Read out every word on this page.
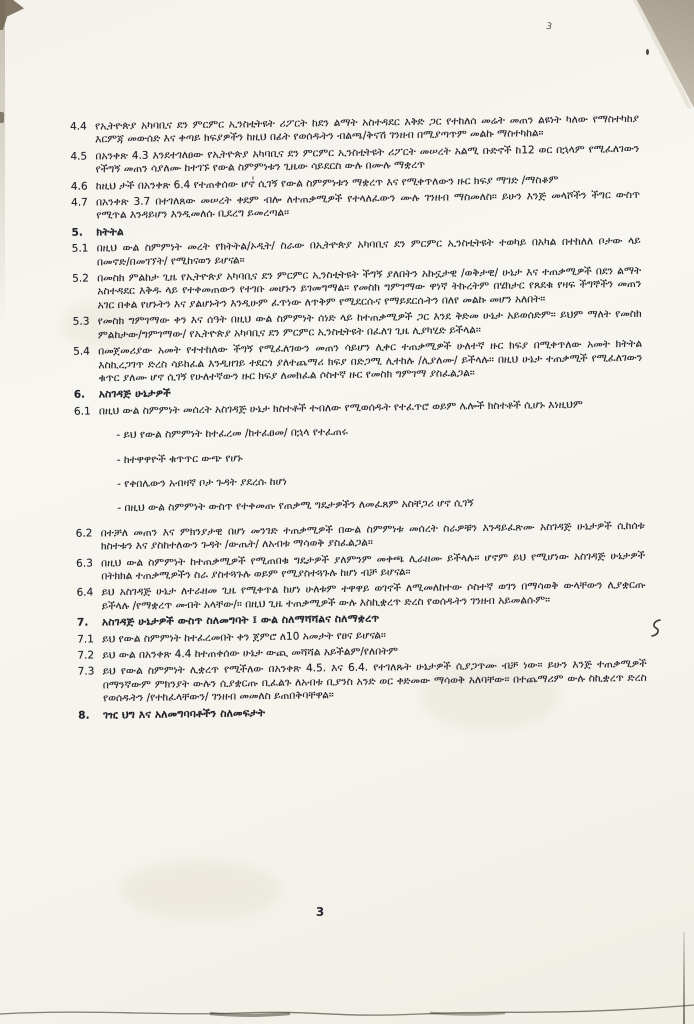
3
4.4 የኢትዮጵያ አካባቢና ደን ምርምር ኢንስቲትዩት ሪፖርት ከደን ልማት አስተዳደር እቅድ ጋር የተከለሰ መሬት መጠን ልዩነት ካለው የማስተካከያ እርምጃ መውሰድ እና ቀጣይ ክፍያዎችን ከዚህ በፊት የወሰዱትን ብልጫ/ቅናሽ ገንዘብ በሚያጣጥም መልኩ ማስተካከል።
4.5 በአንቀጽ 4.3 እንደተገለፀው የኢትዮጵያ አካባቢና ደን ምርምር ኢንስቲትዩት ሪፖርት መሠረት አልሚ ቡድኖች ከ12 ወር በኋላም የሚፈለገውን የችግኝ መጠን ሳያለሙ ከተገኙ የውል ስምምነቱን ጊዜው ሳይደርስ ውሉ በሙሉ ማቋረጥ
4.6 ከዚህ ታች በአንቀጽ 6.4 የተጠቀሰው ሆኖ ሲገኝ የውል ስምምነቱን ማቋረጥ እና የሚቀጥለውን ዙር ክፍያ ማገድ /ማስቆም
4.7 በአንቀጽ 3.7 በተገለጸው መሠረት ቀደም ብሎ ለተጠቃሚዎች የተላለፈውን ሙሉ ገንዘብ ማስመለስ። ይሁን እንጅ መላሾችን ችግር ውስጥ የሚጥል እንዳይሆን እንዲመለሱ ቢደረግ ይመረጣል።
5.	ክትትል
5.1 በዚህ ውል ስምምነት መረት የክትትል/ኦዲት/ ስራው በኢትዮጵያ አካባቢና ደን ምርምር ኢንስቲትዩት ተወካይ በአካል በተከለለ ቦታው ላይ በመኖድ/በመገኘት/ የሚከናወን ይሆናል።
5.2 በመስክ ምልከታ ጊዜ የኢትዮጵያ አካባቢና ደን ምርምር ኢንስቲትዩት ችግኝ ያለበትን አኩኗታዊ /ወቅታዊ/ ሁኔታ እና ተጠቃሚዎች በደን ልማት አስተዳደር እቅዱ ላይ የተቀመጠውን የተገቡ መሆኑን ይገመግማል። የመስክ ግምገማው ዋነኛ ትኩረትም በሄክታር የጸደቁ የዛፍ ችግኞችን መጠን አገር በቀል የሆኑትን እና ያልሆኑትን እንዲሁም ፈጥነው ለጥቅም የሚደርሱና የማይደርሱትን በለየ መልኩ መሆን አለበት።
5.3 የመስክ ግምገማው ቀን እና ሰዓት በዚህ ውል ስምምነት ሰነድ ላይ ከተጠቃሚዎች ጋር እንደ ቅድመ ሁኔታ አይወሰድም። ይህም ማለት የመስክ ምልከታው/ግምገማው/ የኢትዮጵያ አካባቢና ደን ምርምር ኢንስቲትዩት በፈለገ ጊዜ ሊያካሂድ ይችላል።
5.4 በመጀመሪያው አመት የተተከለው ችግኝ የሚፈለገውን መጠን ሳይሆን ሊቀር ተጠቃሚዎች ሁለተኛ ዙር ክፍያ በሚቀጥለው አመት ክትትል እስኪረጋገጥ ድረስ ሳይከፈል እንዲዘገይ ተደርጎ ያለተጨማሪ ክፍያ በድጋሚ ሊተከሉ /ሊያለሙ/ ይችላሉ። በዚህ ሁኔታ ተጠቃሚች የሚፈለገውን ቁጥር ያለሙ ሆኖ ሲገኝ የሁለተኛውን ዙር ክፍያ ለመክፈል ሶስተኛ ዙር የመስክ ግምገማ ያስፈልጋል።
6.	አስገዳጅ ሁኔታዎች
6.1 በዚህ ውል ስምምነት መሰረት አስገዳጅ ሁኔታ ክስተቶች ተብለው የሚወሰዱት የተፈጥሮ ወይም ሌሎች ክስተቶች ሲሆኑ እነዚህም
- ይህ የውል ስምምነት ከተፈረመ /ከተፈፀመ/ በኋላ የተፈጠሩ
- ከተዋዋዮች ቁጥጥር ውጭ የሆኑ
- የቀበሌውን አብዛኛ ቦታ ጉዳት ያደረሱ ከሆነ
- በዚህ ውል ስምምነት ውስጥ የተቀመጡ የጠቃሚ ግዴታዎችን ለመፈጸም አስቸጋሪ ሆኖ ሲገኝ
6.2 በተቻለ መጠን እና ምክንያታዊ በሆነ መንገድ ተጠቃሚዎች በውል ስምምነቱ መሰረት ስራዎቹን እንዳይፈጽሙ አስገዳጅ ሁኔታዎች ሲከሰቱ ክስተቱን እና ያስከተለውን ጉዳት /ውጤት/ ለአብቱ ማሳወቅ ያስፈልጋል።
6.3 በዚህ ውል ስምምነት ከተጠቃሚዎች የሚጠበቁ ግዴታዎች ያለምንም መቀጫ ሊራዘሙ ይችላሉ። ሆኖም ይህ የሚሆነው አስገዳጅ ሁኔታዎች በትክክል ተጠቃሚዎችን ስራ ያስተጓጉሉ ወይም የሚያስተጓጉሉ ከሆነ ብቻ ይሆናል።
6.4 ይህ አስገዳጅ ሁኔታ ለተራዘመ ጊዜ የሚቀጥል ከሆነ ሁለቱም ተዋዋይ ወገኖች ለሚመለከተው ሶስተኛ ወገን በማሳወቅ ውላቸውን ሊያቋርጡ ይችላሉ /የማቋረጥ መብት አላቸው/። በዚህ ጊዜ ተጠቃሚዎች ውሉ እስኪቋረጥ ድረስ የወሰዱትን ገንዘብ አይመልሱም።
7.	አስገዳጅ ሁኔታዎች ውስጥ ስለመግባት ፤ ውል ስለማሻሻልና ስለማቋረጥ
7.1 ይህ የውል ስምምነት ከተፈረመበት ቀን ጀምሮ ለ10 አመታት የፀና ይሆናል።
7.2 ይህ ውል በአንቀጽ 4.4 ከተጠቀሰው ሁኔታ ውጪ መሻሻል አይችልም/የለበትም
7.3 ይህ የውል ስምምነት ሊቋረጥ የሚችለው በአንቀጽ 4.5. እና 6.4. የተገለጹት ሁኔታዎች ሲያጋጥሙ ብቻ ነው። ይሁን እንጅ ተጠቃሚዎች በማንኛውም ምክንያት ውሉን ሲያቋርጡ ቢፈልጉ ለአብቱ ቢያንስ አንድ ወር ቀድመው ማሳወቅ አለባቸው። በተጨማሪም ውሉ ስኪቋረጥ ድረስ የወሰዱትን /የተከፈላቸውን/ ገንዘብ መመለስ ይጠበቅባቸዋል።
8.	ገዢ ህግ እና አለመግባባቶችን ስለመፍታት
3
